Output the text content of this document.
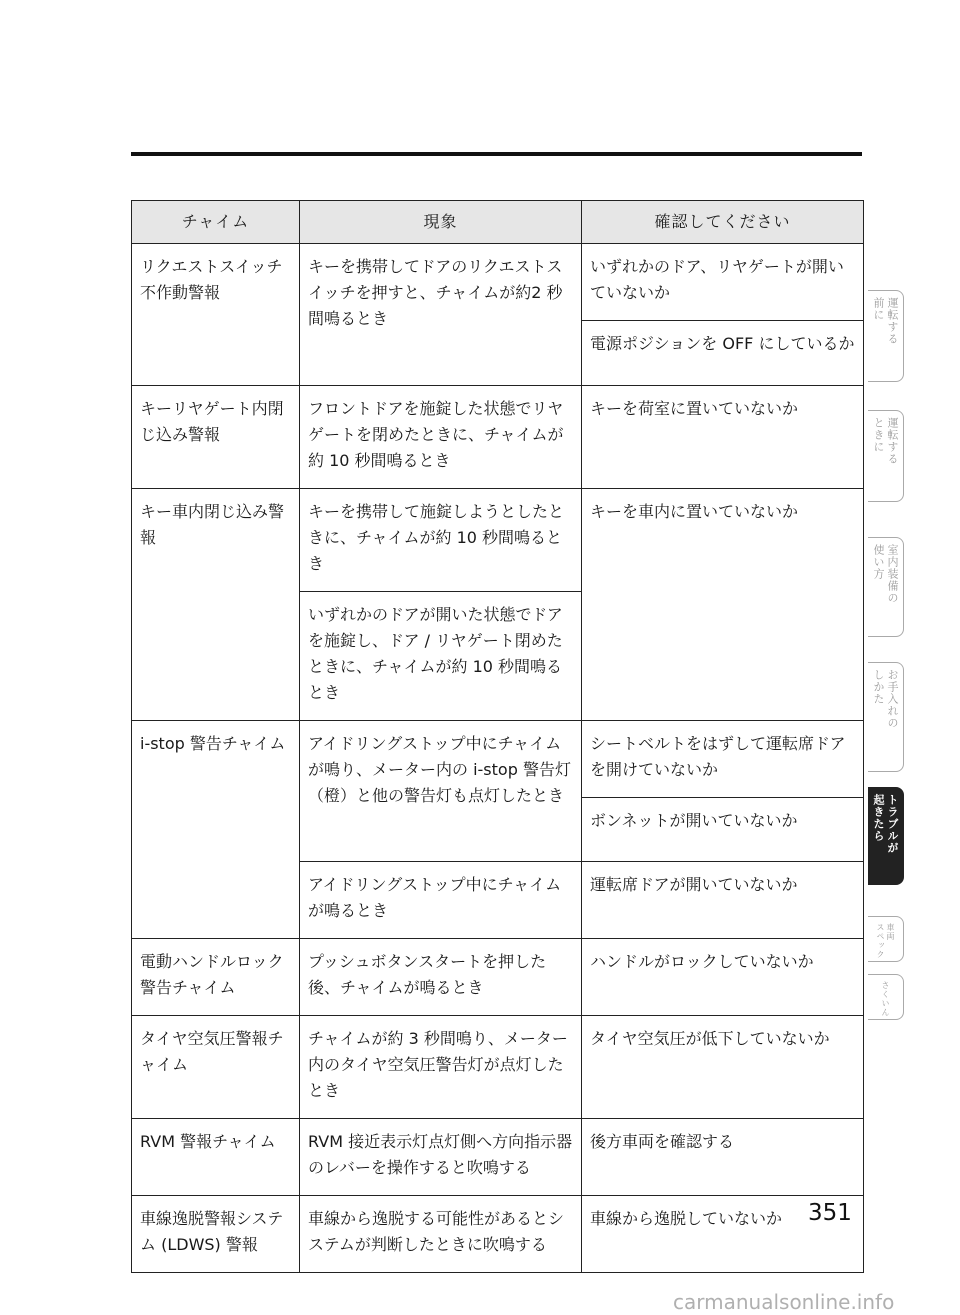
チャイム	現象	確認してください
リクエストスイッチ不作動警報	キーを携帯してドアのリクエストスイッチを押すと、チャイムが約2 秒間鳴るとき	いずれかのドア、リヤゲートが開いていないか
		電源ポジションを OFF にしているか
キーリヤゲート内閉じ込み警報	フロントドアを施錠した状態でリヤゲートを閉めたときに、チャイムが約 10 秒間鳴るとき	キーを荷室に置いていないか
キー車内閉じ込み警報	キーを携帯して施錠しようとしたときに、チャイムが約 10 秒間鳴るとき	キーを車内に置いていないか
	いずれかのドアが開いた状態でドアを施錠し、ドア / リヤゲート閉めたときに、チャイムが約 10 秒間鳴るとき	
i-stop 警告チャイム	アイドリングストップ中にチャイムが鳴り、メーター内の i-stop 警告灯（橙）と他の警告灯も点灯したとき	シートベルトをはずして運転席ドアを開けていないか
		ボンネットが開いていないか
	アイドリングストップ中にチャイムが鳴るとき	運転席ドアが開いていないか
電動ハンドルロック警告チャイム	プッシュボタンスタートを押した後、チャイムが鳴るとき	ハンドルがロックしていないか
タイヤ空気圧警報チャイム	チャイムが約 3 秒間鳴り、メーター内のタイヤ空気圧警告灯が点灯したとき	タイヤ空気圧が低下していないか
RVM 警報チャイム	RVM 接近表示灯点灯側へ方向指示器のレバーを操作すると吹鳴する	後方車両を確認する
車線逸脱警報システム (LDWS) 警報	車線から逸脱する可能性があるとシステムが判断したときに吹鳴する	車線から逸脱していないか
運転する
前に
運転する
ときに
室内装備の
使い方
お手入れの
しかた
トラブルが
起きたら
車両
スペック
さくいん
351
carmanualsonline.info
